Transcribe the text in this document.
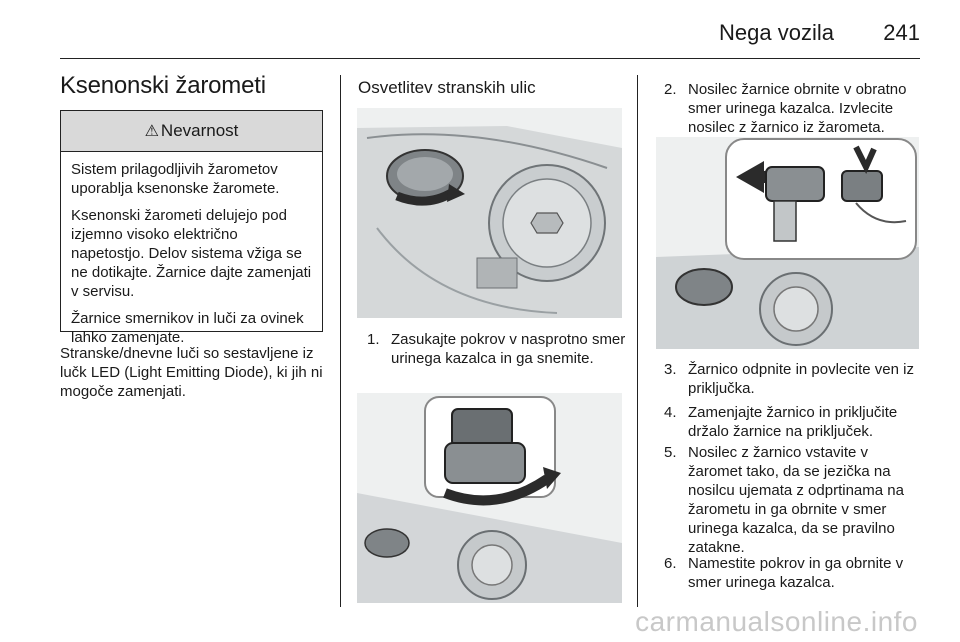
Nega vozila 241
Ksenonski žarometi
⚠ Nevarnost

Sistem prilagodljivih žarometov uporablja ksenonske žaromete.

Ksenonski žarometi delujejo pod izjemno visoko električno napetostjo. Delov sistema vžiga se ne dotikajte. Žarnice dajte zamenjati v servisu.

Žarnice smernikov in luči za ovinek lahko zamenjate.

Stranske/dnevne luči so sestavljene iz lučk LED (Light Emitting Diode), ki jih ni mogoče zamenjati.

Osvetlitev stranskih ulic
1. Zasukajte pokrov v nasprotno smer urinega kazalca in ga snemite.
2. Nosilec žarnice obrnite v obratno smer urinega kazalca. Izvlecite nosilec z žarnico iz žarometa.
3. Žarnico odpnite in povlecite ven iz priključka.
4. Zamenjajte žarnico in priključite držalo žarnice na priključek.
5. Nosilec z žarnico vstavite v žaromet tako, da se jezička na nosilcu ujemata z odprtinama na žarometu in ga obrnite v smer urinega kazalca, da se pravilno zatakne.
6. Namestite pokrov in ga obrnite v smer urinega kazalca.
carmanualsonline.info
